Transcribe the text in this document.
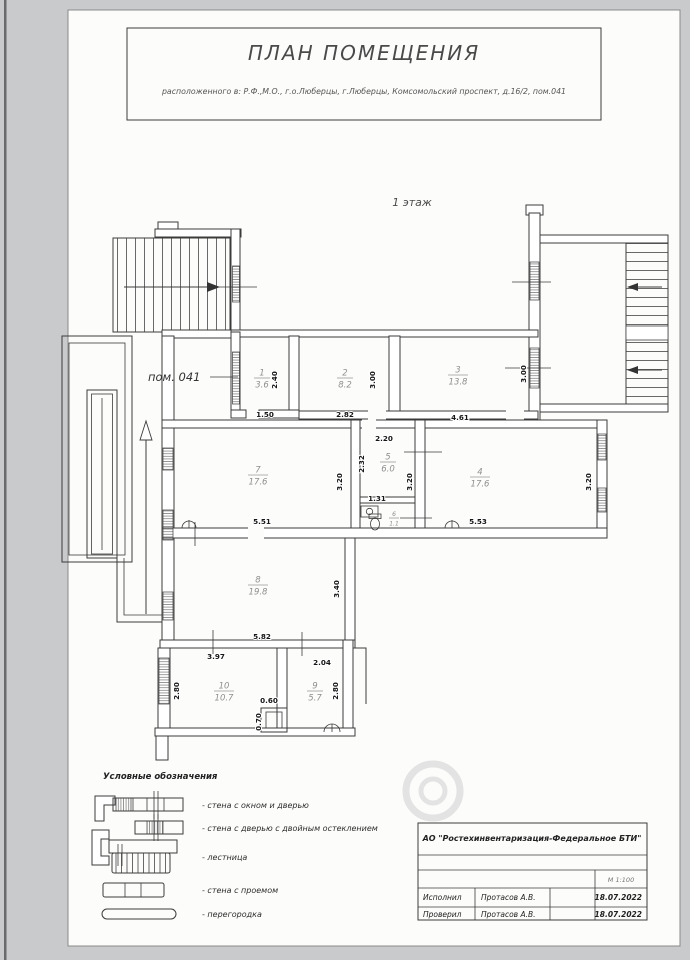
ПЛАН ПОМЕЩЕНИЯ
расположенного в: Р.Ф.,М.О., г.о.Люберцы, г.Люберцы, Комсомольский проспект, д.16/2, пом.041
1 этаж
пом. 041	1
3.6
2
8.2
3
13.8
4
17.6
5
6.0
6
1.1
7
17.6
8
19.8
9
5.7
10
10.7
1.50
2.40
2.82
3.00
4.61
3.00
2.20
2.32
1.31
5.51
3.20	3.20
5.53
3.20
5.82
3.40
3.97
2.80
2.04
2.80
0.60
0.70
Условные обозначения
- стена с окном и дверью
- стена с дверью с двойным остеклением
- лестница
- стена с проемом
- перегородка
АО "Ростехинвентаризация-Федеральное БТИ"
М 1:100
Исполнил	Протасов А.В.	18.07.2022
Проверил	Протасов А.В.	18.07.2022
